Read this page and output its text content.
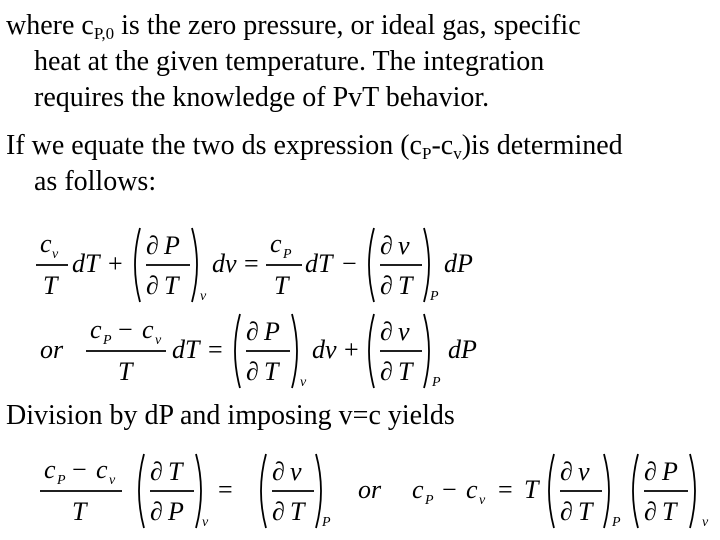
where $c_{P,0}$ is the zero pressure, or ideal gas, specific
heat at the given temperature. The integration
requires the knowledge of PvT behavior.
If we equate the two ds expression $(c_P-c_v)is$ determined
as follows:
Division by dP and imposing v=c yields
c v
T
dT +
∂ P
∂ T v
dv =
c P
T
dT −
∂ v
∂ T P
dP
or
c P − c v
T
dT =
∂ P
∂ T v
dv +
∂ v
∂ T P
dP
c P − c v
T
∂ T
∂ P v
=
∂ v
∂ T P
or c P − c v = T
∂ v
∂ T P
∂ P
∂ T v
